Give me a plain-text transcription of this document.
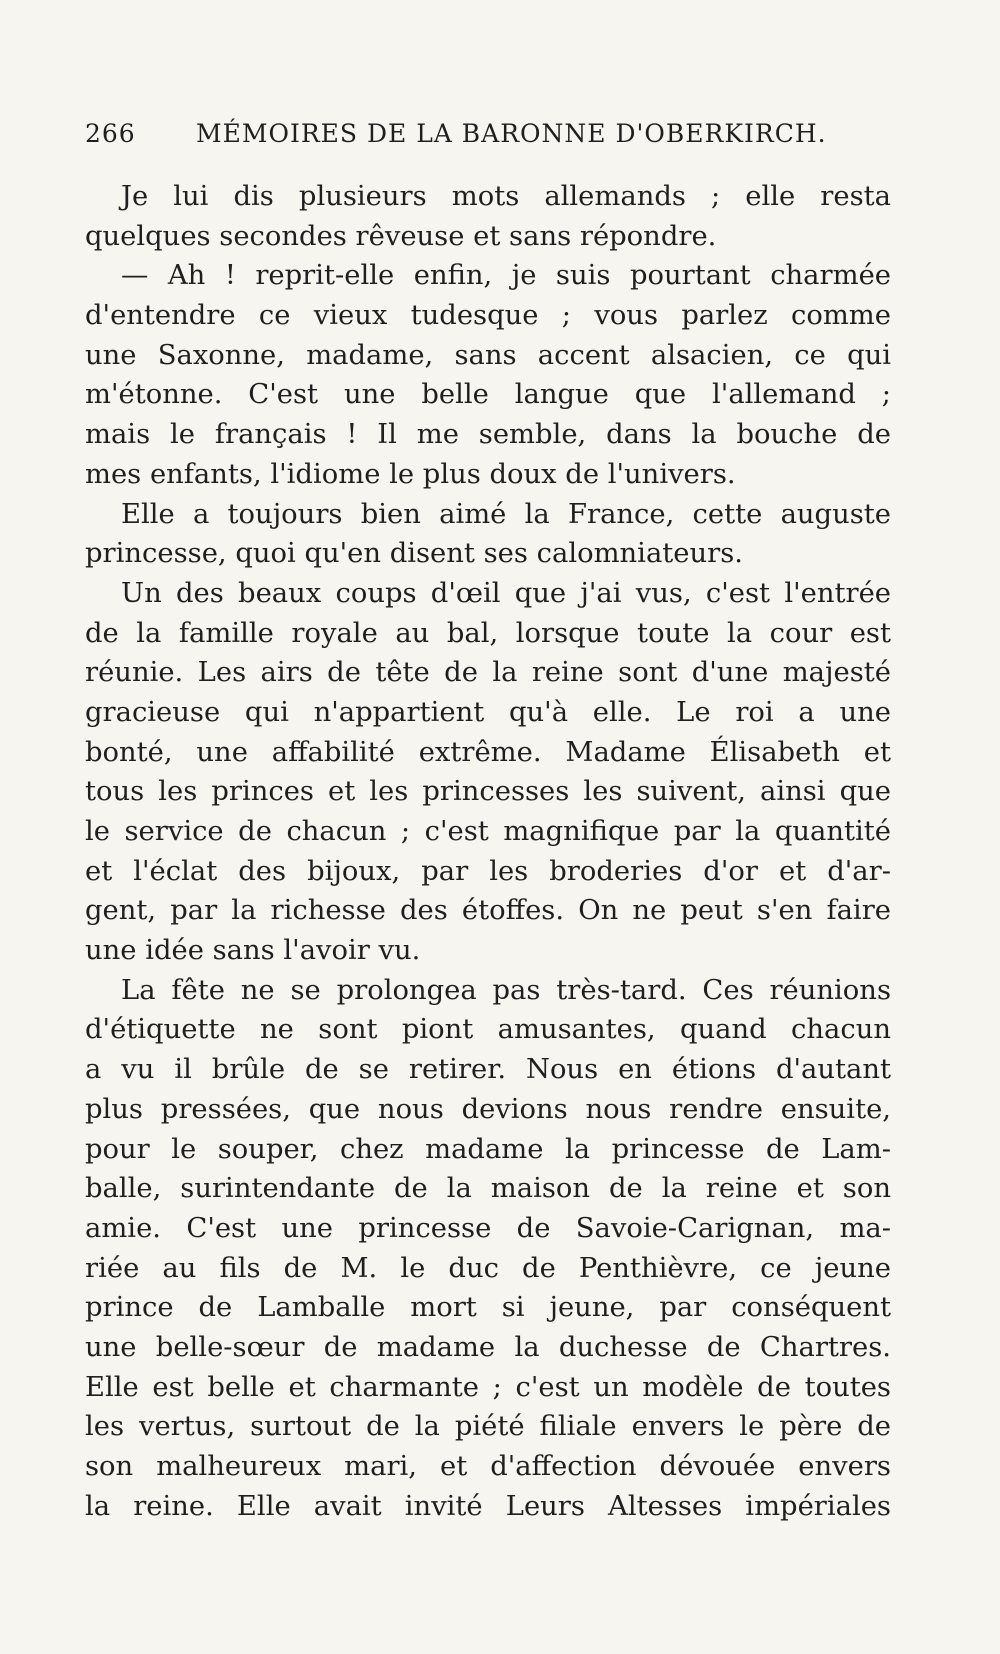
266 MÉMOIRES DE LA BARONNE D'OBERKIRCH.
Je lui dis plusieurs mots allemands ; elle resta
quelques secondes rêveuse et sans répondre.
— Ah ! reprit-elle enfin, je suis pourtant charmée
d'entendre ce vieux tudesque ; vous parlez comme
une Saxonne, madame, sans accent alsacien, ce qui
m'étonne. C'est une belle langue que l'allemand ;
mais le français ! Il me semble, dans la bouche de
mes enfants, l'idiome le plus doux de l'univers.
Elle a toujours bien aimé la France, cette auguste
princesse, quoi qu'en disent ses calomniateurs.
Un des beaux coups d'œil que j'ai vus, c'est l'entrée
de la famille royale au bal, lorsque toute la cour est
réunie. Les airs de tête de la reine sont d'une majesté
gracieuse qui n'appartient qu'à elle. Le roi a une
bonté, une affabilité extrême. Madame Élisabeth et
tous les princes et les princesses les suivent, ainsi que
le service de chacun ; c'est magnifique par la quantité
et l'éclat des bijoux, par les broderies d'or et d'ar-
gent, par la richesse des étoffes. On ne peut s'en faire
une idée sans l'avoir vu.
La fête ne se prolongea pas très-tard. Ces réunions
d'étiquette ne sont piont amusantes, quand chacun
a vu il brûle de se retirer. Nous en étions d'autant
plus pressées, que nous devions nous rendre ensuite,
pour le souper, chez madame la princesse de Lam-
balle, surintendante de la maison de la reine et son
amie. C'est une princesse de Savoie-Carignan, ma-
riée au fils de M. le duc de Penthièvre, ce jeune
prince de Lamballe mort si jeune, par conséquent
une belle-sœur de madame la duchesse de Chartres.
Elle est belle et charmante ; c'est un modèle de toutes
les vertus, surtout de la piété filiale envers le père de
son malheureux mari, et d'affection dévouée envers
la reine. Elle avait invité Leurs Altesses impériales
